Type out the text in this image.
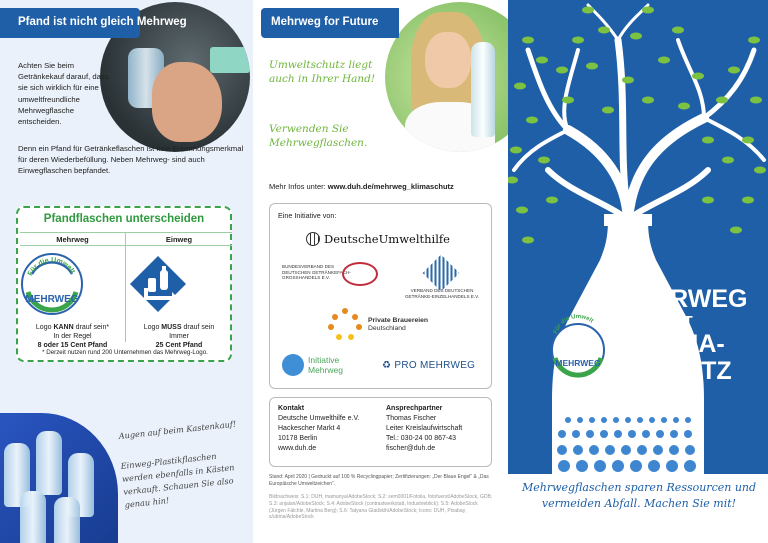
Pfand ist nicht gleich Mehrweg

Achten Sie beim Getränkekauf darauf, dass sie sich wirklich für eine umweltfreundliche Mehrwegflasche entscheiden.

Denn ein Pfand für Getränkeflaschen ist kein Erkennungsmerkmal für deren Wiederbefüllung. Neben Mehrweg- sind auch Einwegflaschen bepfandet.

Pfandflaschen unterscheiden
Mehrweg
Für die Umwelt
MEHRWEG
Logo KANN drauf sein*
In der Regel
8 oder 15 Cent Pfand
Einweg
Logo MUSS drauf sein
Immer
25 Cent Pfand
* Derzeit nutzen rund 200 Unternehmen das Mehrweg-Logo.
Augen auf beim Kastenkauf!
Einweg-Plastikflaschen werden ebenfalls in Kästen verkauft. Schauen Sie also genau hin!
Mehrweg for Future
Umweltschutz liegt auch in Ihrer Hand!
Verwenden Sie Mehrwegflaschen.
Mehr Infos unter: www.duh.de/mehrweg_klimaschutz
Eine Initiative von:
DeutscheUmwelthilfe
BUNDESVERBAND DES DEUTSCHEN GETRÄNKEFACH-GROSSHANDELS E.V.
VERBAND DES DEUTSCHEN GETRÄNKE-EINZELHANDELS E.V.
Private Brauereien
Deutschland
Initiative Mehrweg	♻ PRO MEHRWEG
Kontakt
Deutsche Umwelthilfe e.V.
Hackescher Markt 4
10178 Berlin
www.duh.de
Ansprechpartner
Thomas Fischer
Leiter Kreislaufwirtschaft
Tel.: 030-24 00 867-43
fischer@duh.de

Stand: April 2020 | Gedruckt auf 100 % Recyclingpapier; Zertifizierungen: „Der Blaue Engel“ & „Das Europäische Umweltzeichen“.

Bildnachweis: S.1: DUH, mamanya/AdobeStock; S.2: sem0001/Fotolia, fotofuerst/AdobeStock, GDB; S.3: anjalan/AdobeStock; S.4: AdobeStock (contrastwerkstatt, Industrieblick); S.5: AdobeStock (Jürgen Fälchle, Martina Berg); S.6: Tatyana Gladskih/AdobeStock; Icons: DUH, Pixabay, s/ubtna/AdobeStock

Für die Umwelt
MEHRWEG
MEHRWEG
IST
KLIMA-
SCHUTZ
Mehrwegflaschen sparen Ressourcen und vermeiden Abfall. Machen Sie mit!
